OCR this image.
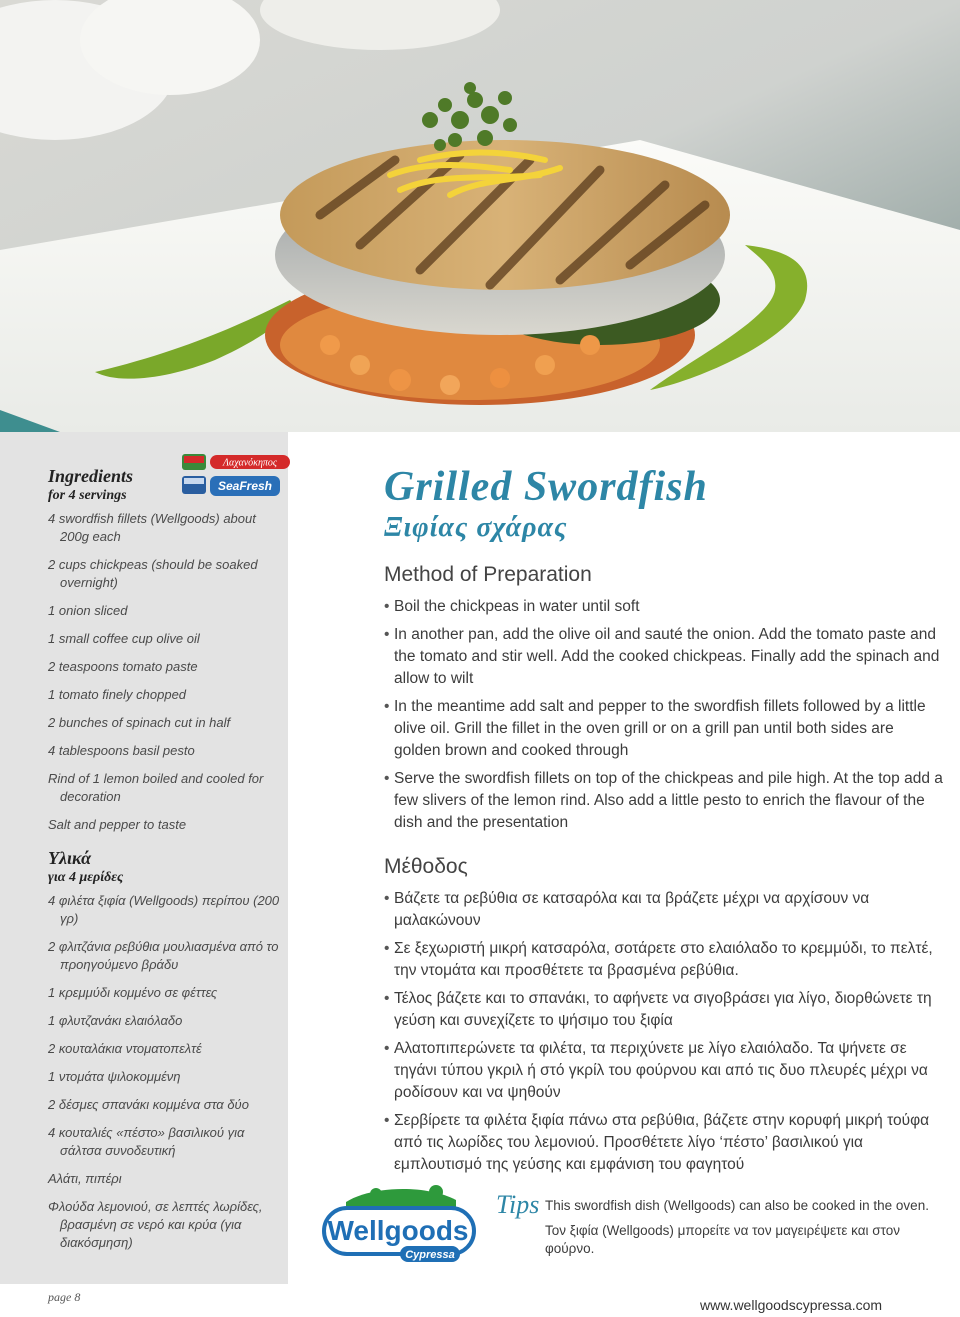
Ingredients

for 4 servings

4 swordfish fillets (Wellgoods) about 200g each
2 cups chickpeas (should be soaked overnight)
1 onion sliced
1 small coffee cup olive oil
2 teaspoons tomato paste
1 tomato finely chopped
2 bunches of spinach cut in half
4 tablespoons basil pesto
Rind of 1 lemon boiled and cooled for decoration
Salt and pepper to taste

Υλικά

για 4 μερίδες

4 φιλέτα ξιφία (Wellgoods) περίπου (200 γρ)
2 φλιτζάνια ρεβύθια μουλιασμένα από το προηγούμενο βράδυ
1 κρεμμύδι κομμένο σε φέττες
1 φλυτζανάκι ελαιόλαδο
2 κουταλάκια ντοματοπελτέ
1 ντομάτα ψιλοκομμένη
2 δέσμες σπανάκι κομμένα στα δύο
4 κουταλιές «πέστο» βασιλικού για σάλτσα συνοδευτική
Αλάτι, πιπέρι
Φλούδα λεμονιού, σε λεπτές λωρίδες, βρασμένη σε νερό και κρύα (για διακόσμηση)
Λαχανόκηπος
SeaFresh
page 8
Grilled Swordfish
Ξιφίας σχάρας
Method of Preparation
• Boil the chickpeas in water until soft
• In another pan, add the olive oil and sauté the onion. Add the tomato paste and the tomato and stir well. Add the cooked chickpeas. Finally add the spinach and allow to wilt
• In the meantime add salt and pepper to the swordfish fillets followed by a little olive oil. Grill the fillet in the oven grill or on a grill pan until both sides are golden brown and cooked through
• Serve the swordfish fillets on top of the chickpeas and pile high. At the top add a few slivers of the lemon rind. Also add a little pesto to enrich the flavour of the dish and the presentation
Μέθοδος
• Βάζετε τα ρεβύθια σε κατσαρόλα και τα βράζετε μέχρι να αρχίσουν να μαλακώνουν
• Σε ξεχωριστή μικρή κατσαρόλα, σοτάρετε στο ελαιόλαδο το κρεμμύδι, το πελτέ, την ντομάτα και προσθέτετε τα βρασμένα ρεβύθια.
• Τέλος βάζετε και το σπανάκι, το αφήνετε να σιγοβράσει για λίγο, διορθώνετε τη γεύση και συνεχίζετε το ψήσιμο του ξιφία
• Αλατοπιπερώνετε τα φιλέτα, τα περιχύνετε με λίγο ελαιόλαδο. Τα ψήνετε σε τηγάνι τύπου γκριλ ή στό γκρίλ του φούρνου και από τις δυο πλευρές μέχρι να ροδίσουν και να ψηθούν
• Σερβίρετε τα φιλέτα ξιφία πάνω στα ρεβύθια, βάζετε στην κορυφή μικρή τούφα από τις λωρίδες του λεμονιού. Προσθέτετε λίγο ‘πέστο’ βασιλικού για εμπλουτισμό της γεύσης και εμφάνιση του φαγητού
Wellgoods
Cypressa
Tips This swordfish dish (Wellgoods) can also be cooked in the oven.
Τον ξιφία (Wellgoods) μπορείτε να τον μαγειρέψετε και στον φούρνο.
www.wellgoodscypressa.com
